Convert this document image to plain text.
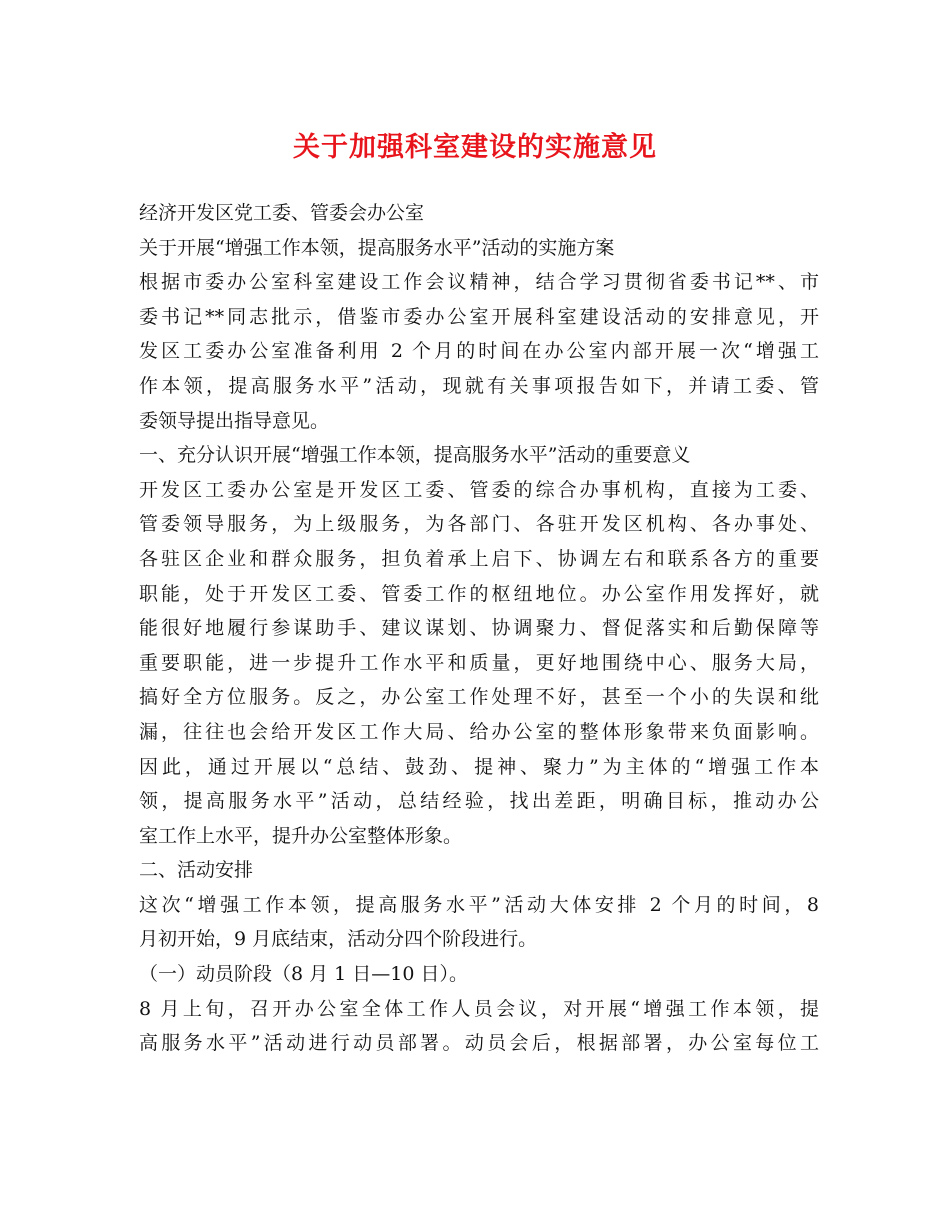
关于加强科室建设的实施意见
经济开发区党工委、管委会办公室
关于开展“增强工作本领，提高服务水平”活动的实施方案
根据市委办公室科室建设工作会议精神，结合学习贯彻省委书记**、市
委书记**同志批示，借鉴市委办公室开展科室建设活动的安排意见，开
发区工委办公室准备利用 2 个月的时间在办公室内部开展一次“增强工
作本领，提高服务水平”活动，现就有关事项报告如下，并请工委、管
委领导提出指导意见。
一、充分认识开展“增强工作本领，提高服务水平”活动的重要意义
开发区工委办公室是开发区工委、管委的综合办事机构，直接为工委、
管委领导服务，为上级服务，为各部门、各驻开发区机构、各办事处、
各驻区企业和群众服务，担负着承上启下、协调左右和联系各方的重要
职能，处于开发区工委、管委工作的枢纽地位。办公室作用发挥好，就
能很好地履行参谋助手、建议谋划、协调聚力、督促落实和后勤保障等
重要职能，进一步提升工作水平和质量，更好地围绕中心、服务大局，
搞好全方位服务。反之，办公室工作处理不好，甚至一个小的失误和纰
漏，往往也会给开发区工作大局、给办公室的整体形象带来负面影响。
因此，通过开展以“总结、鼓劲、提神、聚力”为主体的“增强工作本
领，提高服务水平”活动，总结经验，找出差距，明确目标，推动办公
室工作上水平，提升办公室整体形象。
二、活动安排
这次“增强工作本领，提高服务水平”活动大体安排 2 个月的时间，8
月初开始，9 月底结束，活动分四个阶段进行。
（一）动员阶段（8 月 1 日—10 日）。
8 月上旬，召开办公室全体工作人员会议，对开展“增强工作本领，提
高服务水平”活动进行动员部署。动员会后，根据部署，办公室每位工
